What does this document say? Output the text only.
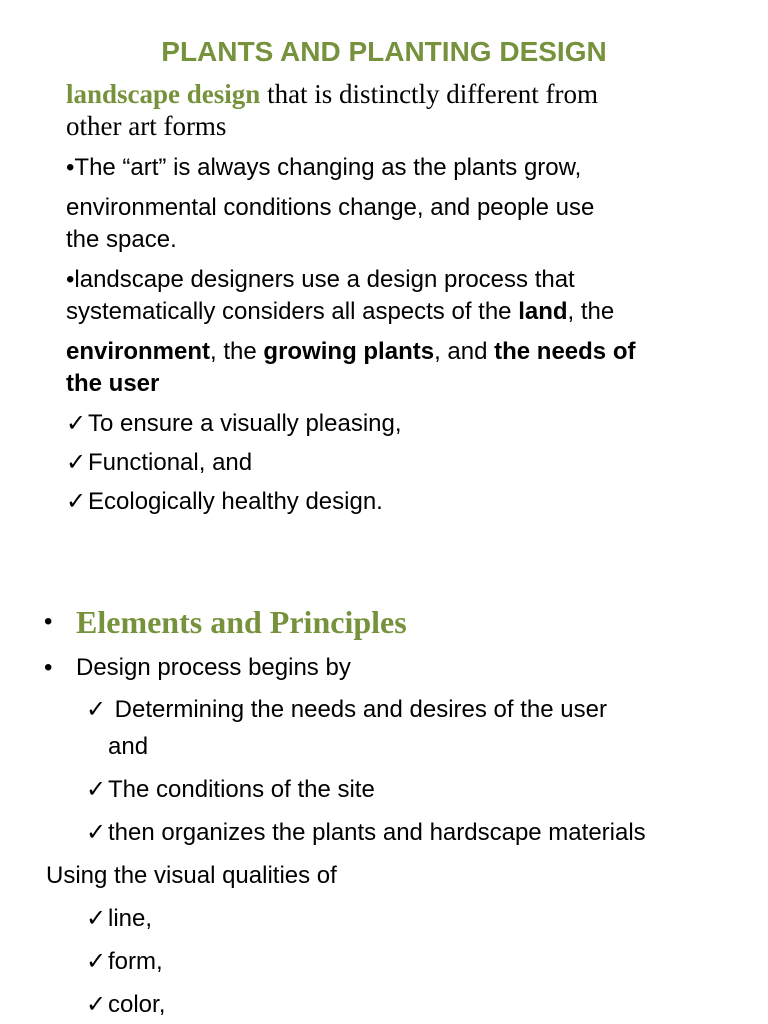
PLANTS AND PLANTING DESIGN
landscape design that is distinctly different from
other art forms
•The “art” is always changing as the plants grow,
environmental conditions change, and people use
the space.
•landscape designers use a design process that
systematically considers all aspects of the land, the
environment, the growing plants, and the needs of
the user
✓To ensure a visually pleasing,
✓Functional, and
✓Ecologically healthy design.
• Elements and Principles
• Design process begins by
✓ Determining the needs and desires of the user
and
✓The conditions of the site
✓then organizes the plants and hardscape materials
Using the visual qualities of
✓line,
✓form,
✓color,
